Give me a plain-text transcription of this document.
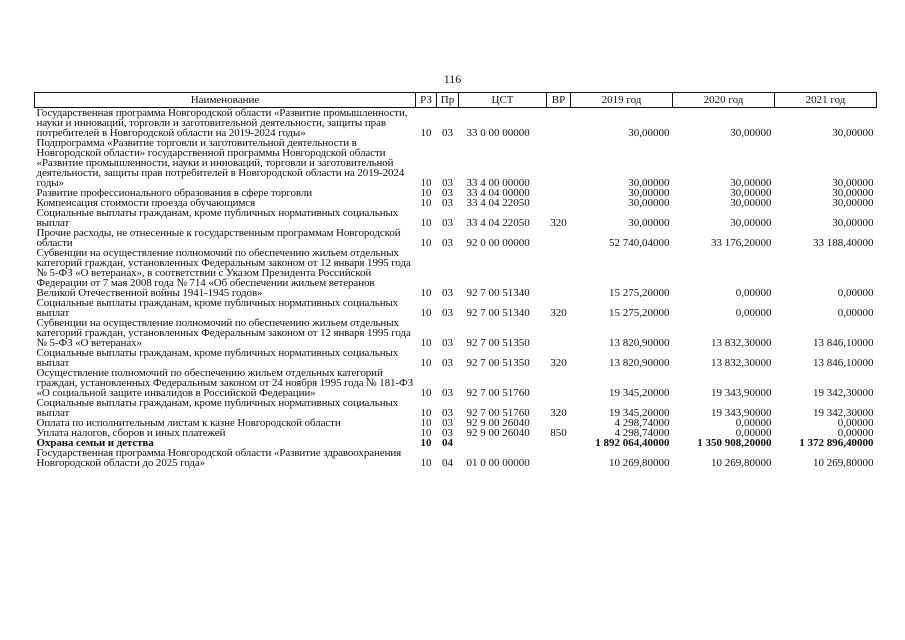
116
Наименование	РЗ	Пр	ЦСТ	ВР	2019 год	2020 год	2021 год
Государственная программа Новгородской области «Развитие промышленности, науки и инноваций, торговли и заготовительной деятельности, защиты прав потребителей в Новгородской области на 2019-2024 годы»	10	03	33 0 00 00000		30,00000	30,00000	30,00000
Подпрограмма «Развитие торговли и заготовительной деятельности в Новгородской области» государственной программы Новгородской области «Развитие промышленности, науки и инноваций, торговли и заготовительной деятельности, защиты прав потребителей в Новгородской области на 2019-2024 годы»	10	03	33 4 00 00000		30,00000	30,00000	30,00000
Развитие профессионального образования в сфере торговли	10	03	33 4 04 00000		30,00000	30,00000	30,00000
Компенсация стоимости проезда обучающимся	10	03	33 4 04 22050		30,00000	30,00000	30,00000
Социальные выплаты гражданам, кроме публичных нормативных социальных выплат	10	03	33 4 04 22050	320	30,00000	30,00000	30,00000
Прочие расходы, не отнесенные к государственным программам Новгородской области	10	03	92 0 00 00000		52 740,04000	33 176,20000	33 188,40000
Субвенции на осуществление полномочий по обеспечению жильем отдельных категорий граждан, установленных Федеральным законом от 12 января 1995 года № 5-ФЗ «О ветеранах», в соответствии с Указом Президента Российской Федерации от 7 мая 2008 года № 714 «Об обеспечении жильем ветеранов Великой Отечественной войны 1941-1945 годов»	10	03	92 7 00 51340		15 275,20000	0,00000	0,00000
Социальные выплаты гражданам, кроме публичных нормативных социальных выплат	10	03	92 7 00 51340	320	15 275,20000	0,00000	0,00000
Субвенции на осуществление полномочий по обеспечению жильем отдельных категорий граждан, установленных Федеральным законом от 12 января 1995 года № 5-ФЗ «О ветеранах»	10	03	92 7 00 51350		13 820,90000	13 832,30000	13 846,10000
Социальные выплаты гражданам, кроме публичных нормативных социальных выплат	10	03	92 7 00 51350	320	13 820,90000	13 832,30000	13 846,10000
Осуществление полномочий по обеспечению жильем отдельных категорий граждан, установленных Федеральным законом от 24 ноября 1995 года № 181-ФЗ «О социальной защите инвалидов в Российской Федерации»	10	03	92 7 00 51760		19 345,20000	19 343,90000	19 342,30000
Социальные выплаты гражданам, кроме публичных нормативных социальных выплат	10	03	92 7 00 51760	320	19 345,20000	19 343,90000	19 342,30000
Оплата по исполнительным листам к казне Новгородской области	10	03	92 9 00 26040		4 298,74000	0,00000	0,00000
Уплата налогов, сборов и иных платежей	10	03	92 9 00 26040	850	4 298,74000	0,00000	0,00000
Охрана семьи и детства	10	04			1 892 064,40000	1 350 908,20000	1 372 896,40000
Государственная программа Новгородской области «Развитие здравоохранения Новгородской области до 2025 года»	10	04	01 0 00 00000		10 269,80000	10 269,80000	10 269,80000
